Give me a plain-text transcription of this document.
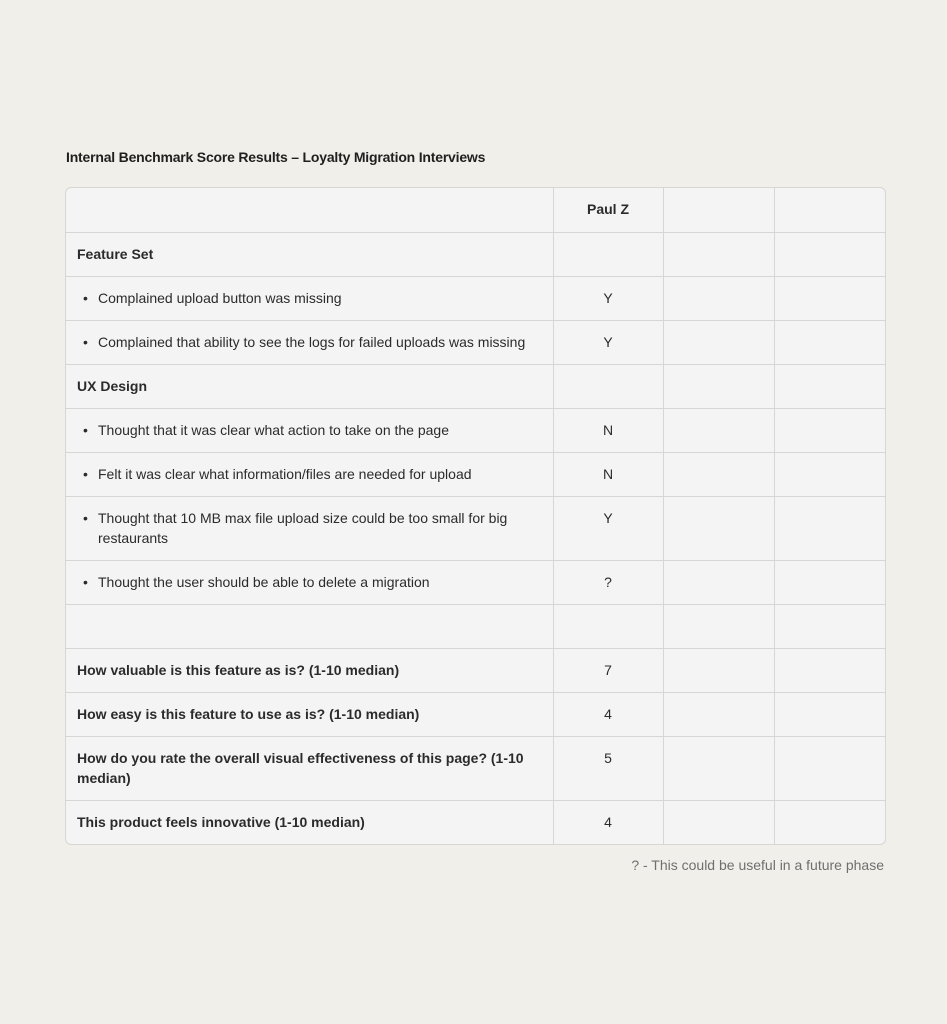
Internal Benchmark Score Results – Loyalty Migration Interviews
	Paul Z		
Feature Set			

• Complained upload button was missing	Y		

• Complained that ability to see the logs for failed uploads was missing	Y		
UX Design			

• Thought that it was clear what action to take on the page	N		

• Felt it was clear what information/files are needed for upload	N		

• Thought that 10 MB max file upload size could be too small for big restaurants	Y		

• Thought the user should be able to delete a migration	?		

How valuable is this feature as is? (1-10 median)	7		
How easy is this feature to use as is? (1-10 median)	4		
How do you rate the overall visual effectiveness of this page? (1-10 median)	5		
This product feels innovative (1-10 median)	4		
? - This could be useful in a future phase
